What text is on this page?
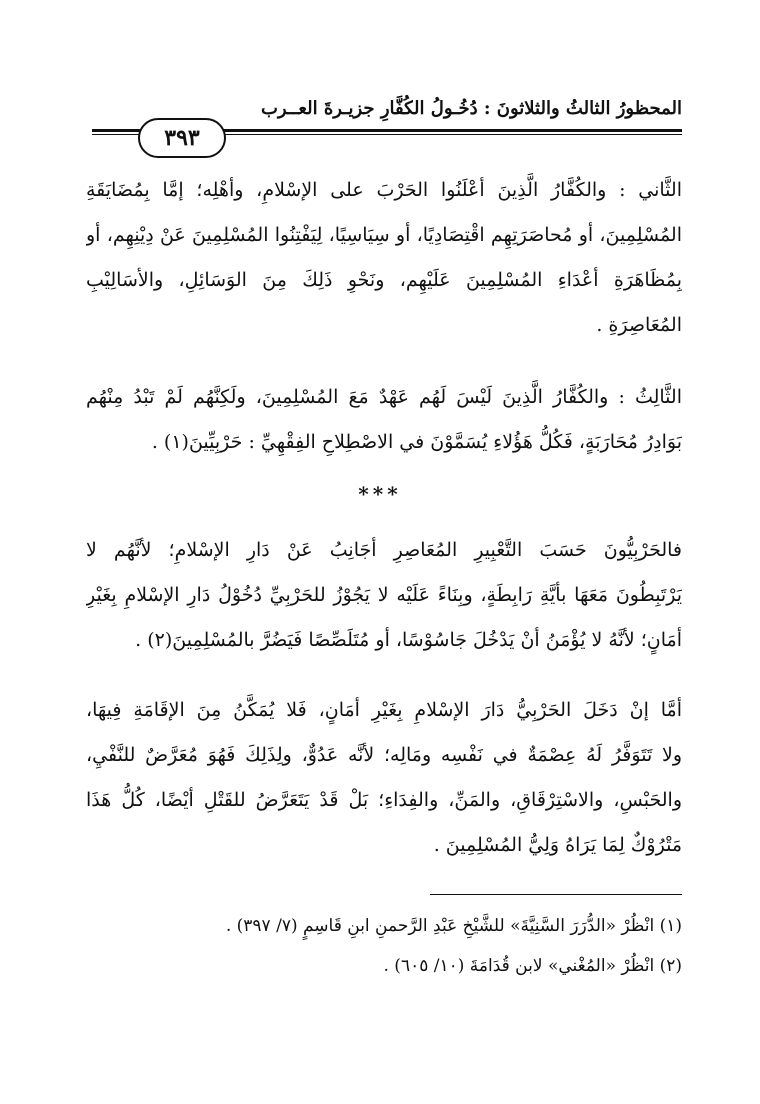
المحظورُ الثالثُ والثلاثونَ : دُخُـولُ الكُفَّارِ جزيـرةَ العــرب
٣٩٣
الثَّاني : والكُفَّارُ الَّذِينَ أعْلَنُوا الحَرْبَ على الإسْلامِ، وأهْلِه؛ إمَّا بِمُضَايَقَةِ
المُسْلِمِينَ، أو مُحاصَرَتِهِم اقْتِصَادِيًا، أو سِيَاسِيًا، لِيَفْتِنُوا المُسْلِمِينَ عَنْ دِيْنِهِم، أو
بِمُظَاهَرَةِ أعْدَاءِ المُسْلِمِينَ عَلَيْهِم، ونَحْوِ ذَلِكَ مِنَ الوَسَائِلِ، والأسَالِيْبِ
المُعَاصِرَةِ .
الثَّالِثُ : والكُفَّارُ الَّذِينَ لَيْسَ لَهُم عَهْدٌ مَعَ المُسْلِمِينَ، ولَكِنَّهُم لَمْ تَبْدُ مِنْهُم
بَوَادِرُ مُحَارَبَةٍ، فَكُلُّ هَؤُلاءِ يُسَمَّوْنَ في الاصْطِلاحِ الفِقْهِيِّ : حَرْبِيِّينَ(١) .
***
فالحَرْبِيُّونَ حَسَبَ التَّعْبِيرِ المُعَاصِرِ أجَانِبُ عَنْ دَارِ الإسْلامِ؛ لأنَّهُم لا
يَرْتَبِطُونَ مَعَهَا بأيَّةِ رَابِطَةٍ، وبِنَاءً عَلَيْه لا يَجُوْزُ للحَرْبِيِّ دُخُوْلُ دَارِ الإسْلامِ بِغَيْرِ
أمَانٍ؛ لأنَّهُ لا يُؤْمَنُ أنْ يَدْخُلَ جَاسُوْسًا، أو مُتَلَصِّصًا فَيَضُرَّ بالمُسْلِمِينَ(٢) .
أمَّا إنْ دَخَلَ الحَرْبِيُّ دَارَ الإسْلامِ بِغَيْرِ أمَانٍ، فَلا يُمَكَّنُ مِنَ الإقَامَةِ فِيهَا،
ولا تَتَوَفَّرُ لَهُ عِصْمَةٌ في نَفْسِه ومَالِه؛ لأنَّه عَدُوٌّ، ولِذَلِكَ فَهُوَ مُعَرَّضٌ للنَّفْيِ،
والحَبْسِ، والاسْتِرْقَاقِ، والمَنِّ، والفِدَاءِ؛ بَلْ قَدْ يَتَعَرَّضُ للقَتْلِ أيْضًا، كُلُّ هَذَا
مَتْرُوْكٌ لِمَا يَرَاهُ وَلِيُّ المُسْلِمِينَ .
(١) انْظُرْ «الدُّرَرَ السَّنِيَّةَ» للشَّيْخِ عَبْدِ الرَّحمنِ ابنِ قَاسِمٍ (٧/ ٣٩٧) .
(٢) انْظُرْ «المُغْني» لابن قُدَامَةَ (١٠/ ٦٠٥) .
